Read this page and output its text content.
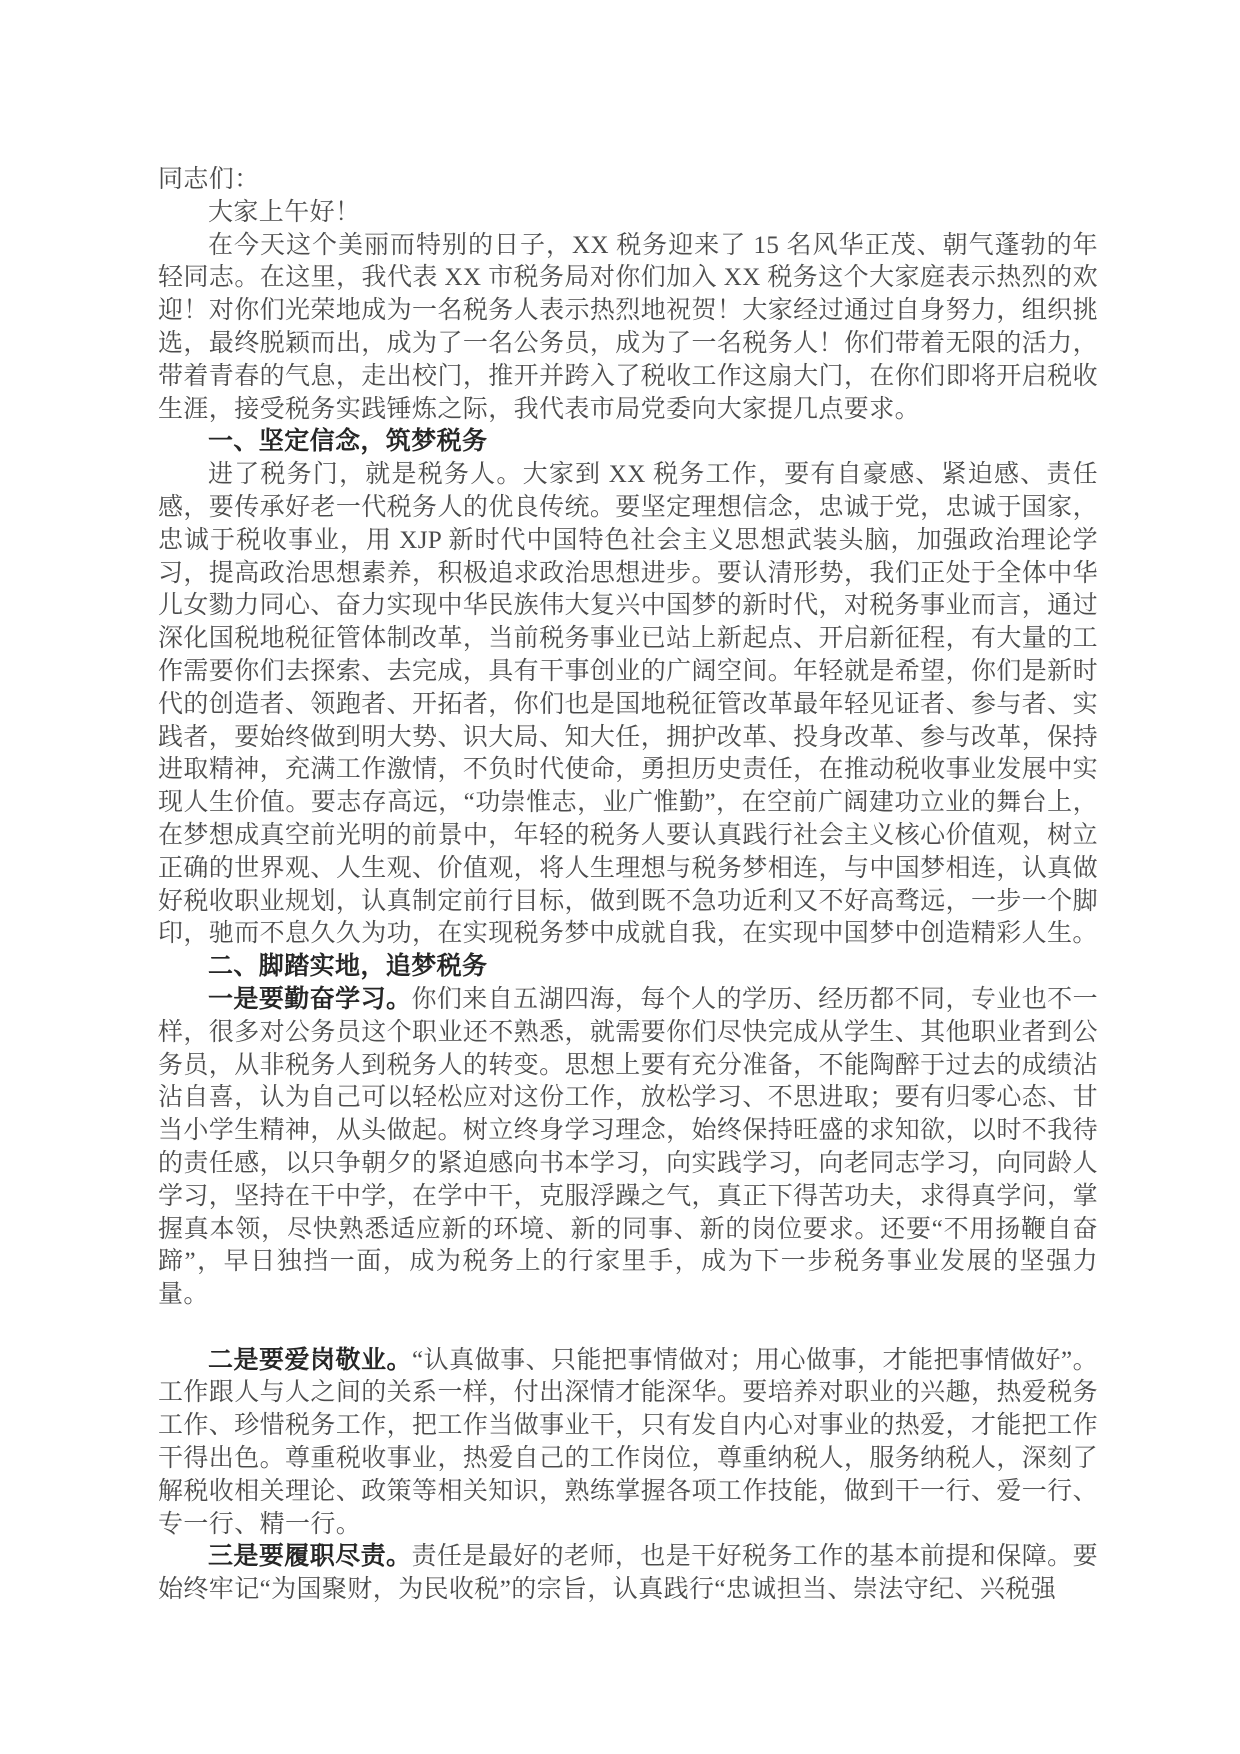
同志们：

大家上午好！

在今天这个美丽而特别的日子，XX 税务迎来了 15 名风华正茂、朝气蓬勃的年轻同志。在这里，我代表 XX 市税务局对你们加入 XX 税务这个大家庭表示热烈的欢迎！对你们光荣地成为一名税务人表示热烈地祝贺！大家经过通过自身努力，组织挑选，最终脱颖而出，成为了一名公务员，成为了一名税务人！你们带着无限的活力，带着青春的气息，走出校门，推开并跨入了税收工作这扇大门，在你们即将开启税收生涯，接受税务实践锤炼之际，我代表市局党委向大家提几点要求。

一、坚定信念，筑梦税务

进了税务门，就是税务人。大家到 XX 税务工作，要有自豪感、紧迫感、责任感，要传承好老一代税务人的优良传统。要坚定理想信念，忠诚于党，忠诚于国家，忠诚于税收事业，用 XJP 新时代中国特色社会主义思想武装头脑，加强政治理论学习，提高政治思想素养，积极追求政治思想进步。要认清形势，我们正处于全体中华儿女勠力同心、奋力实现中华民族伟大复兴中国梦的新时代，对税务事业而言，通过深化国税地税征管体制改革，当前税务事业已站上新起点、开启新征程，有大量的工作需要你们去探索、去完成，具有干事创业的广阔空间。年轻就是希望，你们是新时代的创造者、领跑者、开拓者，你们也是国地税征管改革最年轻见证者、参与者、实践者，要始终做到明大势、识大局、知大任，拥护改革、投身改革、参与改革，保持进取精神，充满工作激情，不负时代使命，勇担历史责任，在推动税收事业发展中实现人生价值。要志存高远，“功崇惟志，业广惟勤”，在空前广阔建功立业的舞台上，在梦想成真空前光明的前景中，年轻的税务人要认真践行社会主义核心价值观，树立正确的世界观、人生观、价值观，将人生理想与税务梦相连，与中国梦相连，认真做好税收职业规划，认真制定前行目标，做到既不急功近利又不好高骛远，一步一个脚印，驰而不息久久为功，在实现税务梦中成就自我，在实现中国梦中创造精彩人生。

二、脚踏实地，追梦税务

一是要勤奋学习。你们来自五湖四海，每个人的学历、经历都不同，专业也不一样，很多对公务员这个职业还不熟悉，就需要你们尽快完成从学生、其他职业者到公务员，从非税务人到税务人的转变。思想上要有充分准备，不能陶醉于过去的成绩沾沾自喜，认为自己可以轻松应对这份工作，放松学习、不思进取；要有归零心态、甘当小学生精神，从头做起。树立终身学习理念，始终保持旺盛的求知欲，以时不我待的责任感，以只争朝夕的紧迫感向书本学习，向实践学习，向老同志学习，向同龄人学习，坚持在干中学，在学中干，克服浮躁之气，真正下得苦功夫，求得真学问，掌握真本领，尽快熟悉适应新的环境、新的同事、新的岗位要求。还要“不用扬鞭自奋蹄”，早日独挡一面，成为税务上的行家里手，成为下一步税务事业发展的坚强力量。

二是要爱岗敬业。“认真做事、只能把事情做对；用心做事，才能把事情做好”。工作跟人与人之间的关系一样，付出深情才能深华。要培养对职业的兴趣，热爱税务工作、珍惜税务工作，把工作当做事业干，只有发自内心对事业的热爱，才能把工作干得出色。尊重税收事业，热爱自己的工作岗位，尊重纳税人，服务纳税人，深刻了解税收相关理论、政策等相关知识，熟练掌握各项工作技能，做到干一行、爱一行、专一行、精一行。

三是要履职尽责。责任是最好的老师，也是干好税务工作的基本前提和保障。要始终牢记“为国聚财，为民收税”的宗旨，认真践行“忠诚担当、崇法守纪、兴税强
